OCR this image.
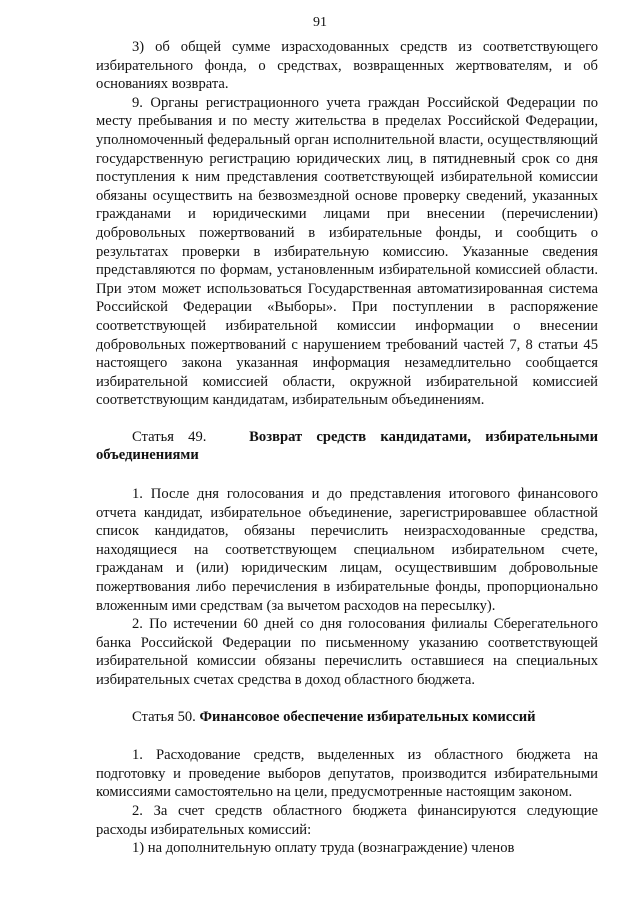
91

3) об общей сумме израсходованных средств из соответствующего избирательного фонда, о средствах, возвращенных жертвователям, и об основаниях возврата.

9. Органы регистрационного учета граждан Российской Федерации по месту пребывания и по месту жительства в пределах Российской Федерации, уполномоченный федеральный орган исполнительной власти, осуществляющий государственную регистрацию юридических лиц, в пятидневный срок со дня поступления к ним представления соответствующей избирательной комиссии обязаны осуществить на безвозмездной основе проверку сведений, указанных гражданами и юридическими лицами при внесении (перечислении) добровольных пожертвований в избирательные фонды, и сообщить о результатах проверки в избирательную комиссию. Указанные сведения представляются по формам, установленным избирательной комиссией области. При этом может использоваться Государственная автоматизированная система Российской Федерации «Выборы». При поступлении в распоряжение соответствующей избирательной комиссии информации о внесении добровольных пожертвований с нарушением требований частей 7, 8 статьи 45 настоящего закона указанная информация незамедлительно сообщается избирательной комиссией области, окружной избирательной комиссией соответствующим кандидатам, избирательным объединениям.

Статья 49.	Возврат средств кандидатами, избирательными объединениями

1. После дня голосования и до представления итогового финансового отчета кандидат, избирательное объединение, зарегистрировавшее областной список кандидатов, обязаны перечислить неизрасходованные средства, находящиеся на соответствующем специальном избирательном счете, гражданам и (или) юридическим лицам, осуществившим добровольные пожертвования либо перечисления в избирательные фонды, пропорционально вложенным ими средствам (за вычетом расходов на пересылку).

2. По истечении 60 дней со дня голосования филиалы Сберегательного банка Российской Федерации по письменному указанию соответствующей избирательной комиссии обязаны перечислить оставшиеся на специальных избирательных счетах средства в доход областного бюджета.

Статья 50. Финансовое обеспечение избирательных комиссий

1. Расходование средств, выделенных из областного бюджета на подготовку и проведение выборов депутатов, производится избирательными комиссиями самостоятельно на цели, предусмотренные настоящим законом.

2. За счет средств областного бюджета финансируются следующие расходы избирательных комиссий:

1) на дополнительную оплату труда (вознаграждение) членов
